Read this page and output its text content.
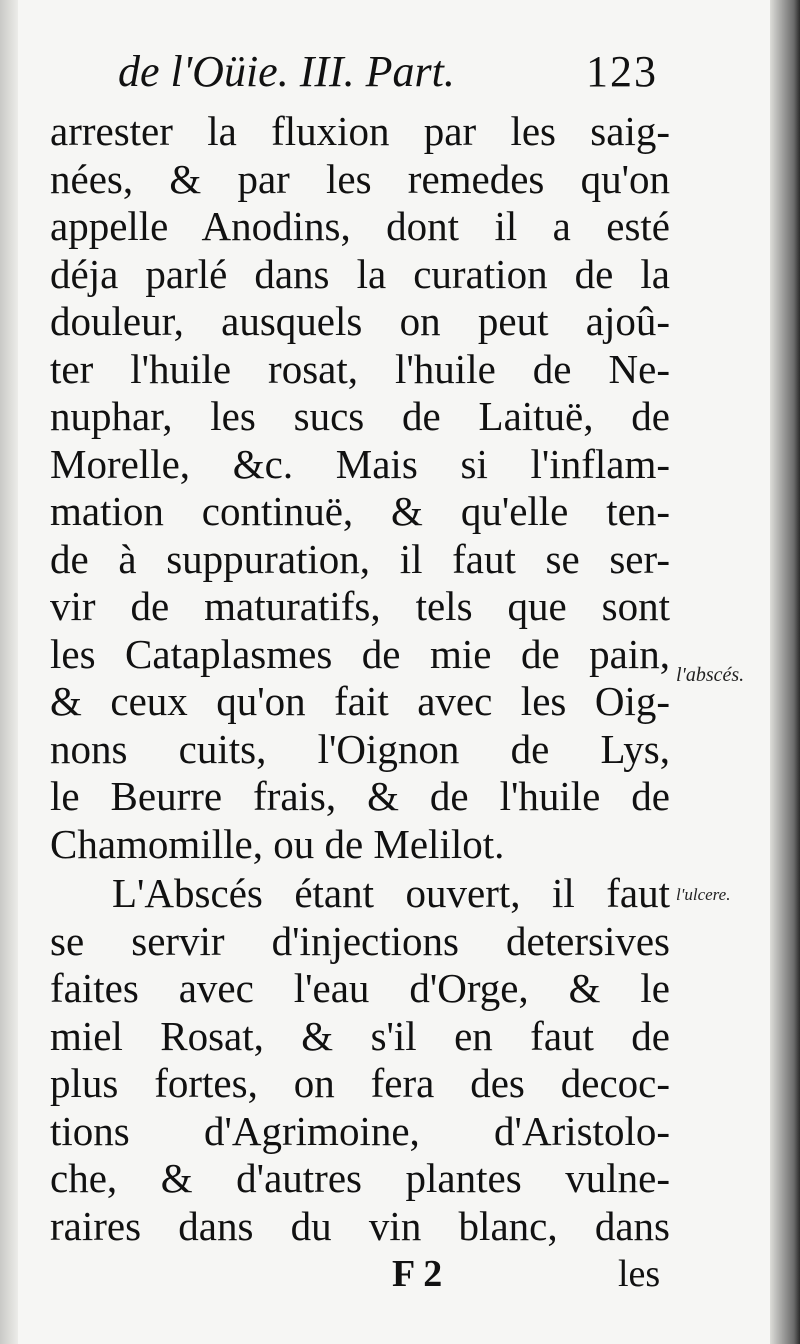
de l'Oüie. III. Part.	123
arrester la fluxion par les saig-
nées, & par les remedes qu'on
appelle Anodins, dont il a esté
déja parlé dans la curation de la
douleur, ausquels on peut ajoû-
ter l'huile rosat, l'huile de Ne-
nuphar, les sucs de Laituë, de
Morelle, &c. Mais si l'inflam-
mation continuë, & qu'elle ten-
de à suppuration, il faut se ser-
vir de maturatifs, tels que sont
les Cataplasmes de mie de pain,
& ceux qu'on fait avec les Oig-
nons cuits, l'Oignon de Lys,
le Beurre frais, & de l'huile de
Chamomille, ou de Melilot.
L'Abscés étant ouvert, il faut
se servir d'injections detersives
faites avec l'eau d'Orge, & le
miel Rosat, & s'il en faut de
plus fortes, on fera des decoc-
tions d'Agrimoine, d'Aristolo-
che, & d'autres plantes vulne-
raires dans du vin blanc, dans
l'abscés.
l'ulcere.
F 2	les
